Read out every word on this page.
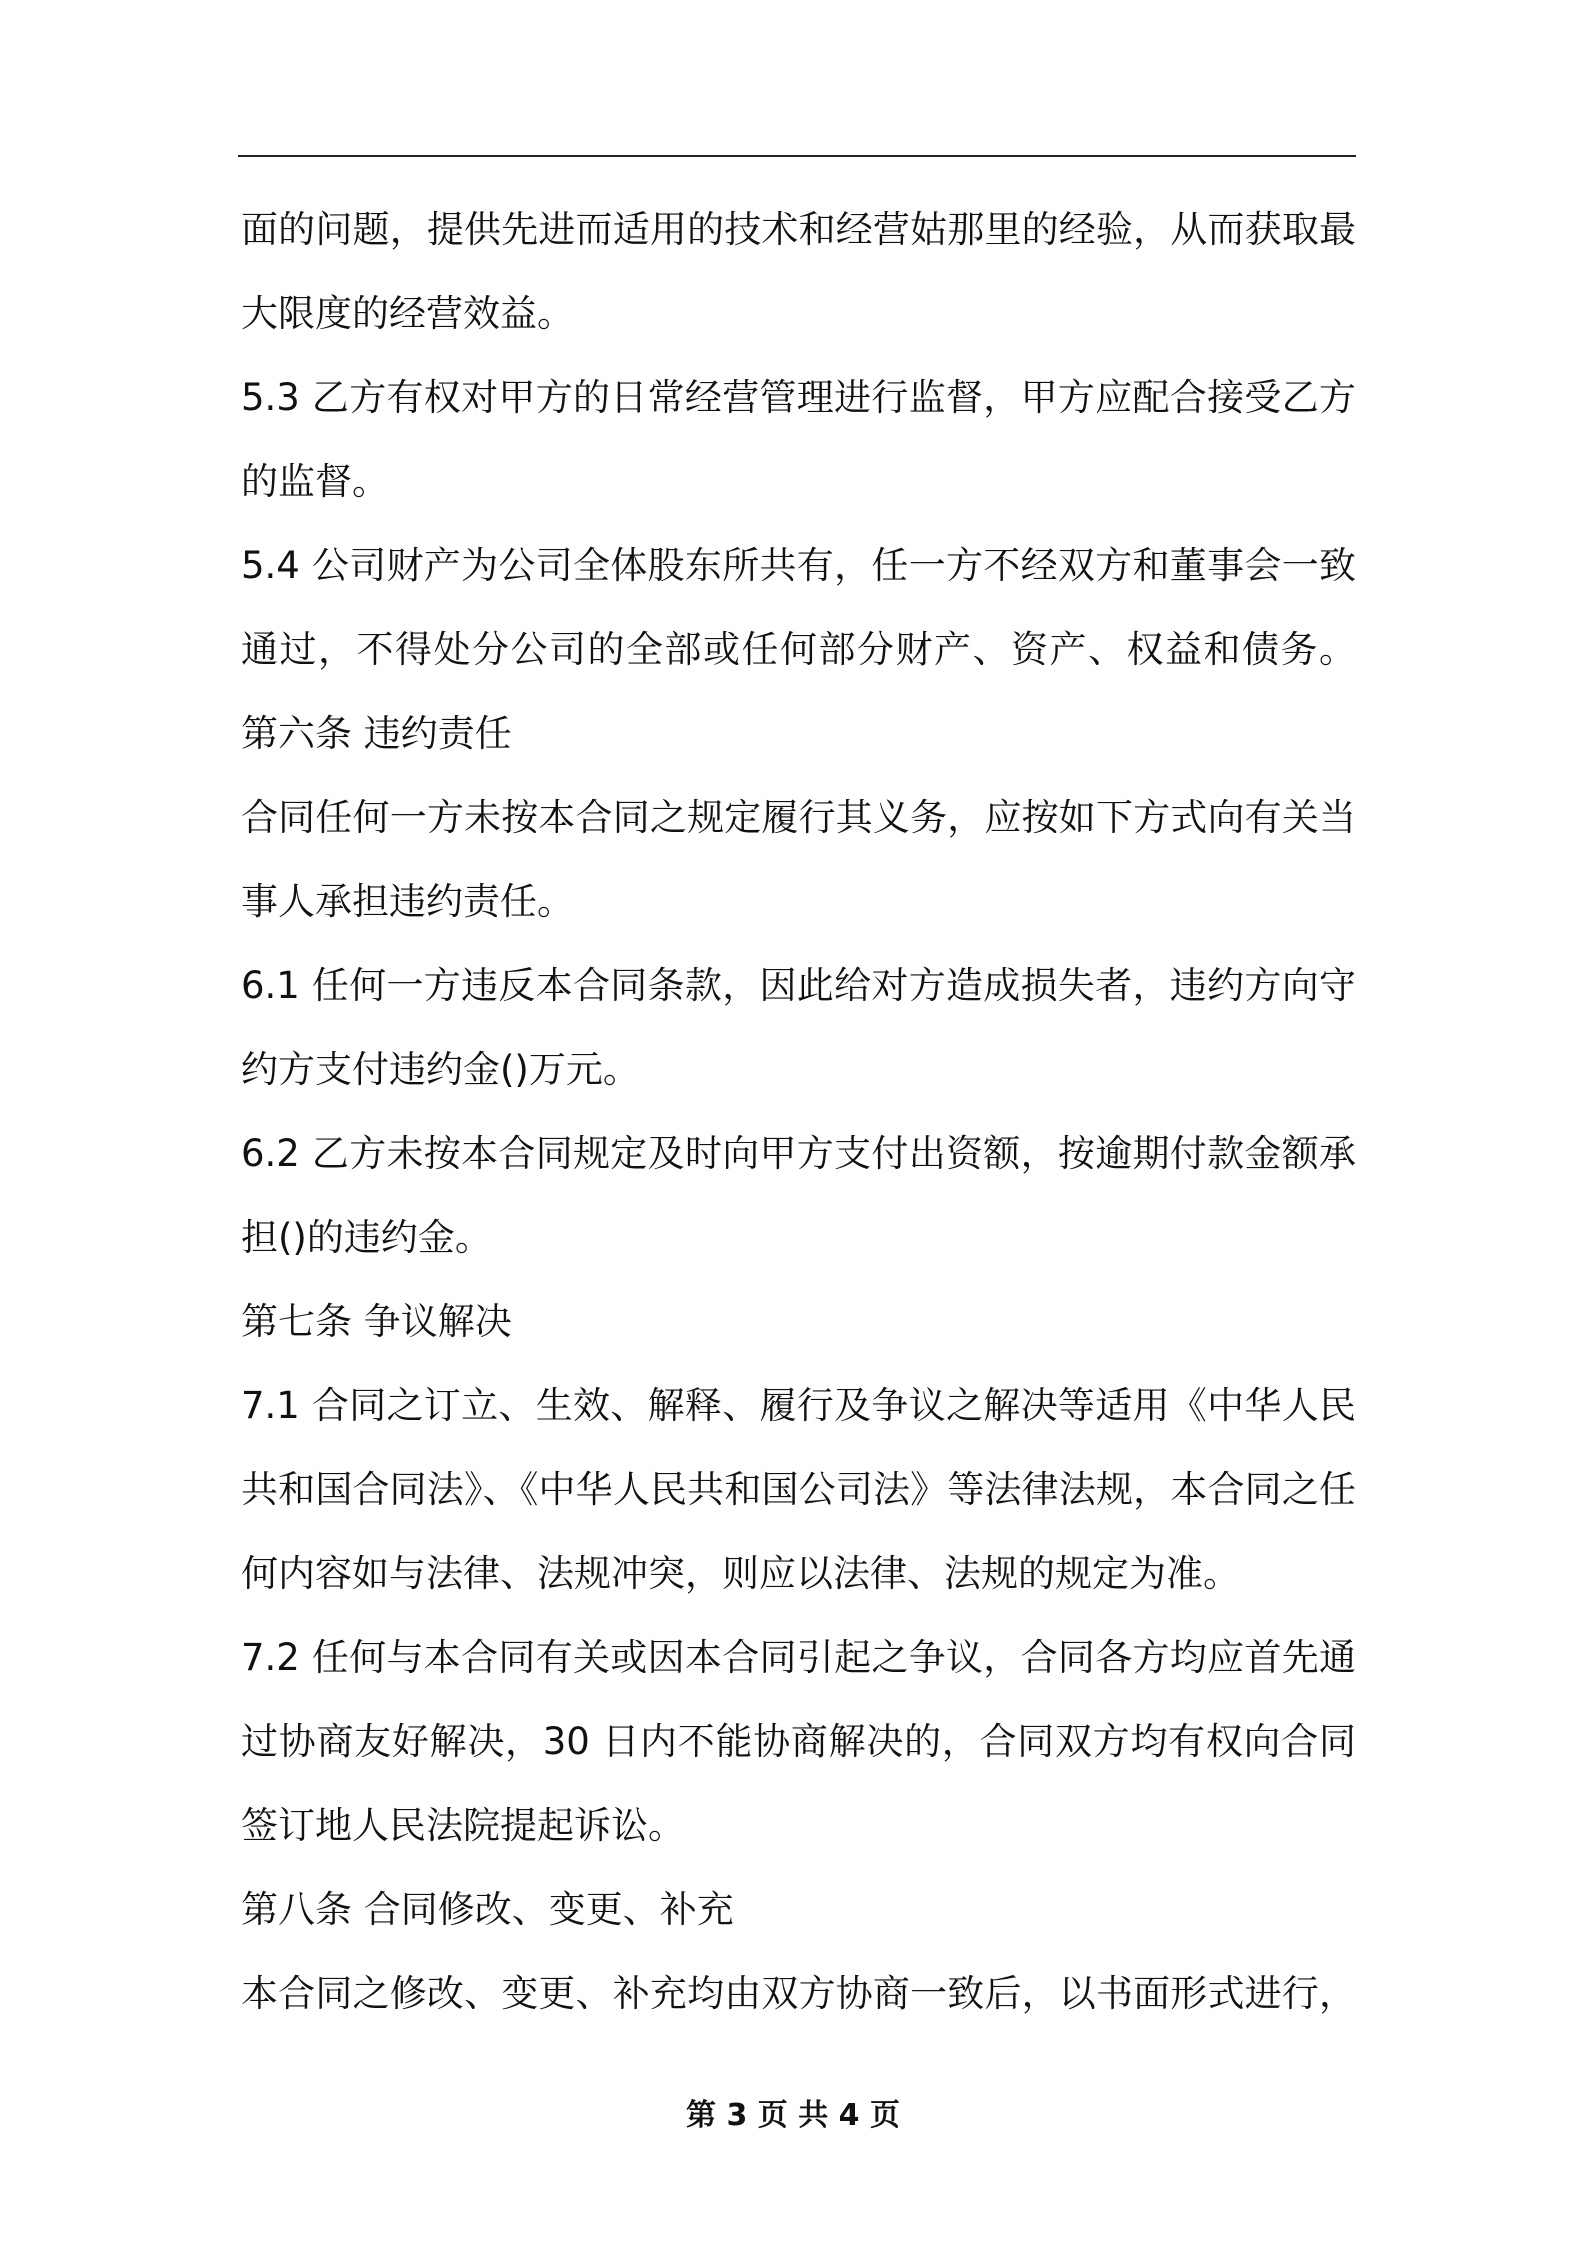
面的问题，提供先进而适用的技术和经营姑那里的经验，从而获取最
大限度的经营效益。
5.3 乙方有权对甲方的日常经营管理进行监督，甲方应配合接受乙方
的监督。
5.4 公司财产为公司全体股东所共有，任一方不经双方和董事会一致
通过，不得处分公司的全部或任何部分财产、资产、权益和债务。
第六条 违约责任
合同任何一方未按本合同之规定履行其义务，应按如下方式向有关当
事人承担违约责任。
6.1 任何一方违反本合同条款，因此给对方造成损失者，违约方向守
约方支付违约金()万元。
6.2 乙方未按本合同规定及时向甲方支付出资额，按逾期付款金额承
担()的违约金。
第七条 争议解决
7.1 合同之订立、生效、解释、履行及争议之解决等适用《中华人民
共和国合同法》、《中华人民共和国公司法》等法律法规，本合同之任
何内容如与法律、法规冲突，则应以法律、法规的规定为准。
7.2 任何与本合同有关或因本合同引起之争议，合同各方均应首先通
过协商友好解决，30 日内不能协商解决的，合同双方均有权向合同
签订地人民法院提起诉讼。
第八条 合同修改、变更、补充
本合同之修改、变更、补充均由双方协商一致后，以书面形式进行，
第 3 页 共 4 页
